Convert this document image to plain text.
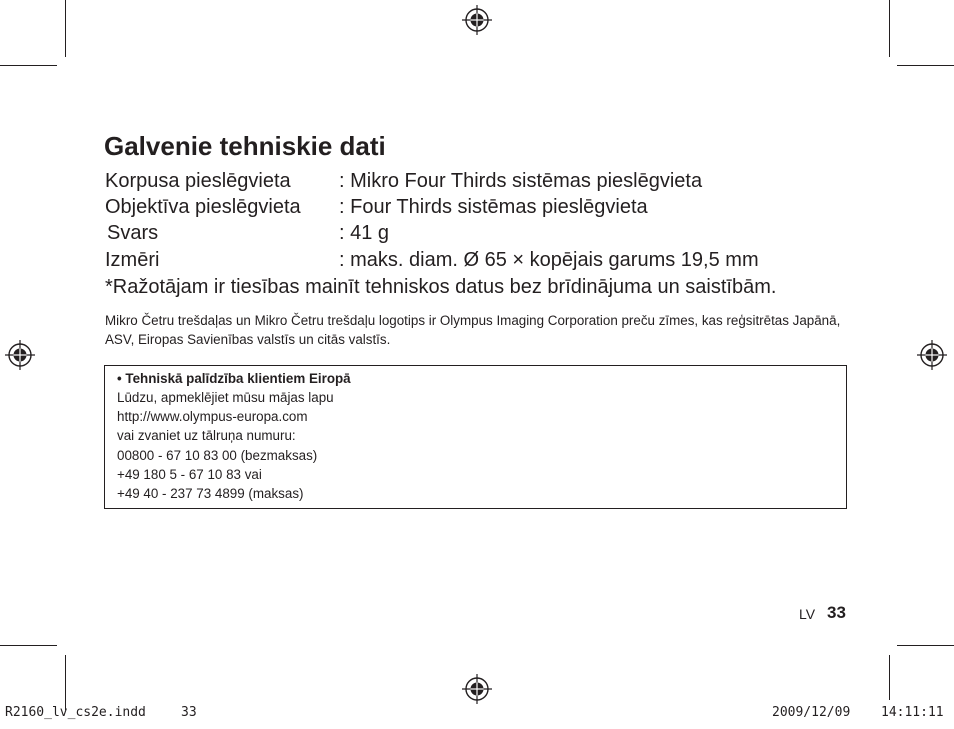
Galvenie tehniskie dati
Korpusa pieslēgvieta : Mikro Four Thirds sistēmas pieslēgvieta
Objektīva pieslēgvieta : Four Thirds sistēmas pieslēgvieta
Svars	: 41 g
Izmēri	: maks. diam. Ø 65 × kopējais garums 19,5 mm
*Ražotājam ir tiesības mainīt tehniskos datus bez brīdinājuma un saistībām.
Mikro Četru trešdaļas un Mikro Četru trešdaļu logotips ir Olympus Imaging Corporation preču zīmes, kas reģsitrētas Japānā, ASV, Eiropas Savienības valstīs un citās valstīs.
• Tehniskā palīdzība klientiem Eiropā
Lūdzu, apmeklējiet mūsu mājas lapu
http://www.olympus-europa.com
vai zvaniet uz tālruņa numuru:
00800 - 67 10 83 00 (bezmaksas)
+49 180 5 - 67 10 83 vai
+49 40 - 237 73 4899 (maksas)
LV 33
R2160_lv_cs2e.indd	33	2009/12/09 14:11:11
